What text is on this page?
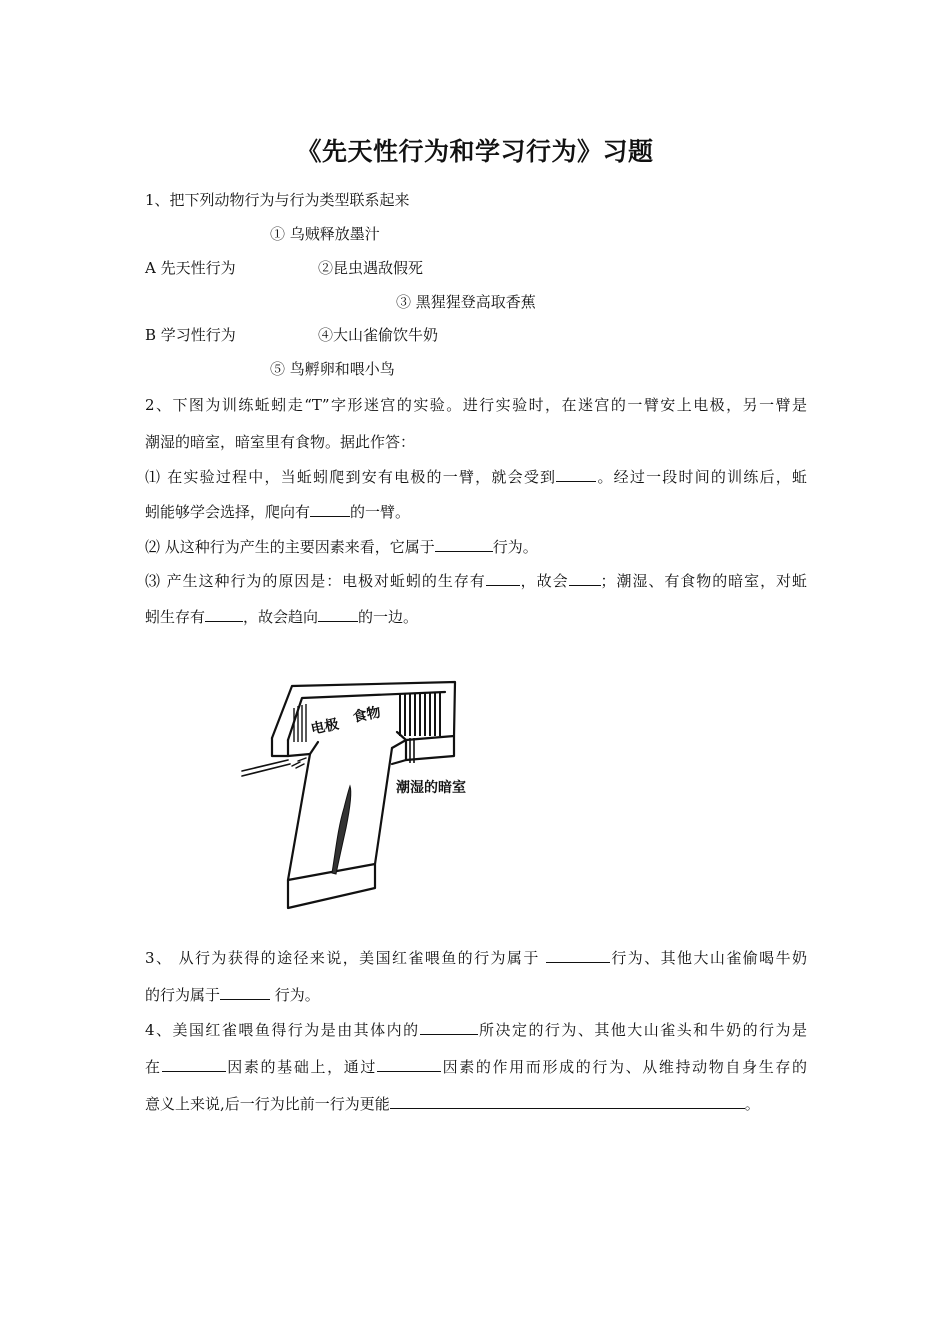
《先天性行为和学习行为》习题
1、把下列动物行为与行为类型联系起来
① 乌贼释放墨汁
A 先天性行为	②昆虫遇敌假死
③ 黑猩猩登高取香蕉
B 学习性行为	④大山雀偷饮牛奶
⑤ 鸟孵卵和喂小鸟
2、下图为训练蚯蚓走“T”字形迷宫的实验。进行实验时，在迷宫的一臂安上电极，另一臂是
潮湿的暗室，暗室里有食物。据此作答：
⑴ 在实验过程中，当蚯蚓爬到安有电极的一臂，就会受到	。经过一段时间的训练后，蚯
蚓能够学会选择，爬向有	的一臂。
⑵ 从这种行为产生的主要因素来看，它属于	行为。
⑶ 产生这种行为的原因是：电极对蚯蚓的生存有 ，故会 ；潮湿、有食物的暗室，对蚯
蚓生存有	，故会趋向	的一边。
电极
食物
潮湿的暗室
3、 从行为获得的途径来说，美国红雀喂鱼的行为属于	行为、其他大山雀偷喝牛奶
的行为属于	行为。
4、美国红雀喂鱼得行为是由其体内的	所决定的行为、其他大山雀头和牛奶的行为是
在	因素的基础上，通过	因素的作用而形成的行为、从维持动物自身生存的
意义上来说,后一行为比前一行为更能	。
